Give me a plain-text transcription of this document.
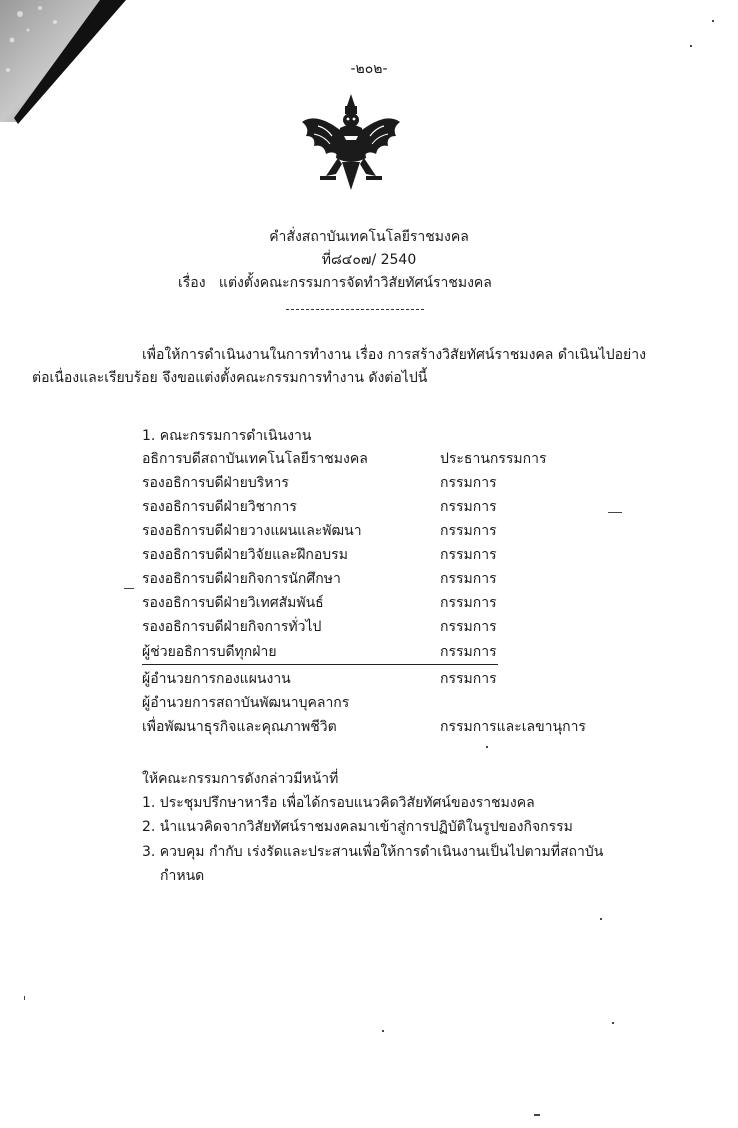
-๒๐๒-
คำสั่งสถาบันเทคโนโลยีราชมงคล
ที่๘๔๐๗/ 2540
เรื่อง แต่งตั้งคณะกรรมการจัดทำวิสัยทัศน์ราชมงคล
เพื่อให้การดำเนินงานในการทำงาน เรื่อง การสร้างวิสัยทัศน์ราชมงคล ดำเนินไปอย่าง
ต่อเนื่องและเรียบร้อย จึงขอแต่งตั้งคณะกรรมการทำงาน ดังต่อไปนี้
1. คณะกรรมการดำเนินงาน
อธิการบดีสถาบันเทคโนโลยีราชมงคล	ประธานกรรมการ
รองอธิการบดีฝ่ายบริหาร	กรรมการ
รองอธิการบดีฝ่ายวิชาการ	กรรมการ
รองอธิการบดีฝ่ายวางแผนและพัฒนา	กรรมการ
รองอธิการบดีฝ่ายวิจัยและฝึกอบรม	กรรมการ
รองอธิการบดีฝ่ายกิจการนักศึกษา	กรรมการ
รองอธิการบดีฝ่ายวิเทศสัมพันธ์	กรรมการ
รองอธิการบดีฝ่ายกิจการทั่วไป	กรรมการ
ผู้ช่วยอธิการบดีทุกฝ่าย	กรรมการ
ผู้อำนวยการกองแผนงาน	กรรมการ
ผู้อำนวยการสถาบันพัฒนาบุคลากร
เพื่อพัฒนาธุรกิจและคุณภาพชีวิต	กรรมการและเลขานุการ
ให้คณะกรรมการดังกล่าวมีหน้าที่
1. ประชุมปรึกษาหารือ เพื่อได้กรอบแนวคิดวิสัยทัศน์ของราชมงคล
2. นำแนวคิดจากวิสัยทัศน์ราชมงคลมาเข้าสู่การปฏิบัติในรูปของกิจกรรม
3. ควบคุม กำกับ เร่งรัดและประสานเพื่อให้การดำเนินงานเป็นไปตามที่สถาบัน
กำหนด
